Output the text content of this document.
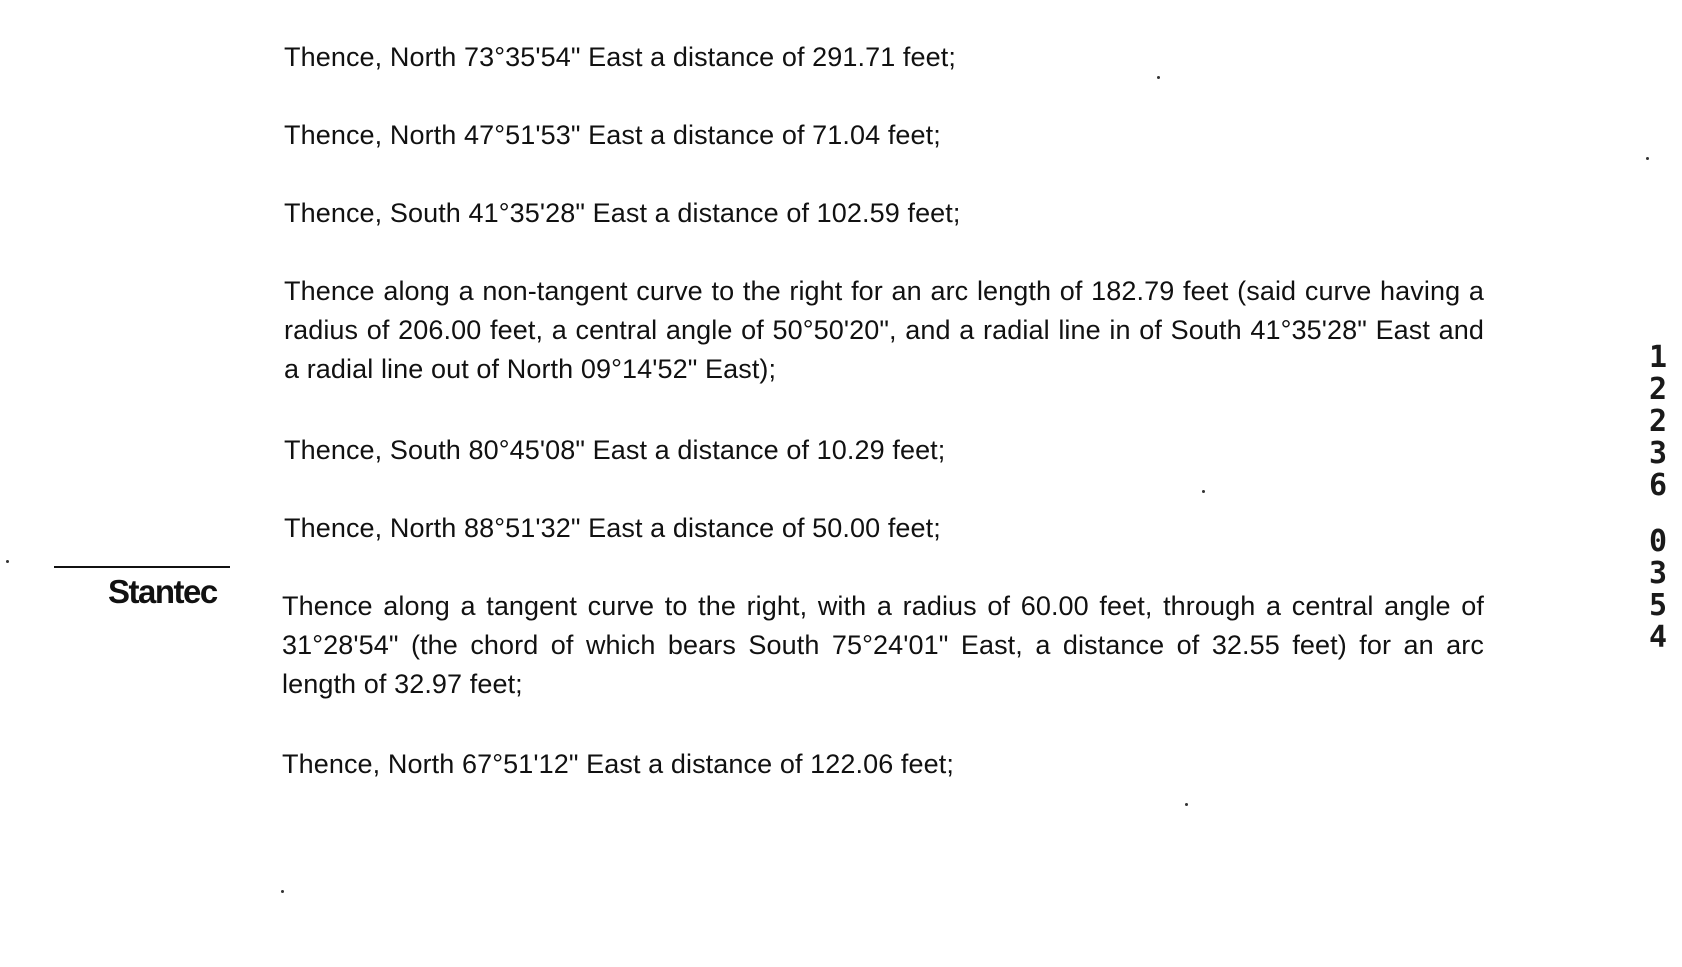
Thence, North 73°35'54" East a distance of 291.71 feet;

Thence, North 47°51'53" East a distance of 71.04 feet;

Thence, South 41°35'28" East a distance of 102.59 feet;

Thence along a non-tangent curve to the right for an arc length of 182.79 feet (said curve having a radius of 206.00 feet, a central angle of 50°50'20", and a radial line in of South 41°35'28" East and a radial line out of North 09°14'52" East);

Thence, South 80°45'08" East a distance of 10.29 feet;

Thence, North 88°51'32" East a distance of 50.00 feet;

Thence along a tangent curve to the right, with a radius of 60.00 feet, through a central angle of 31°28'54" (the chord of which bears South 75°24'01" East, a distance of 32.55 feet) for an arc length of 32.97 feet;

Thence, North 67°51'12" East a distance of 122.06 feet;

Stantec
1
2
2
3
6
0
3
5
4
